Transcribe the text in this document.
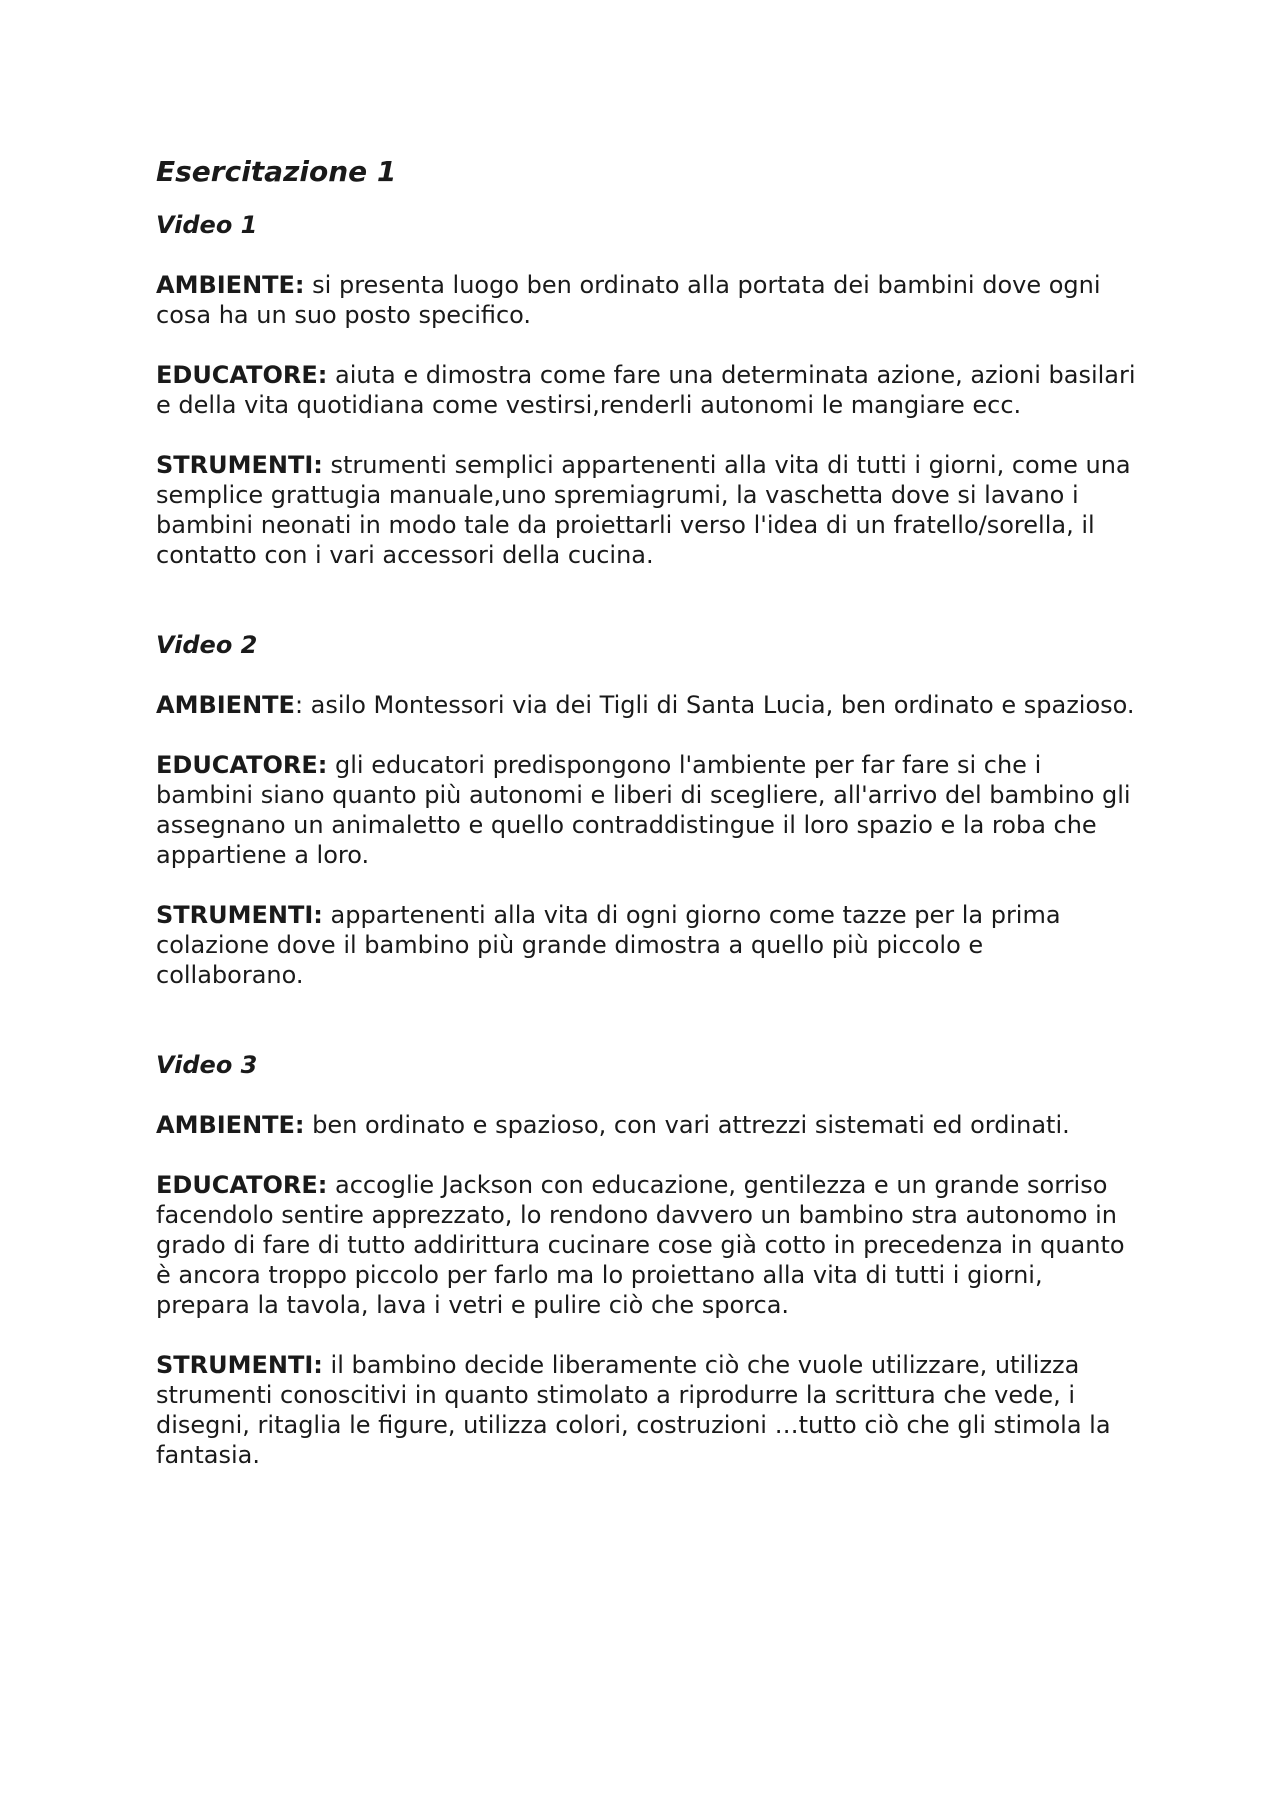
Esercitazione 1
Video 1

AMBIENTE: si presenta luogo ben ordinato alla portata dei bambini dove ogni cosa ha un suo posto specifico.

EDUCATORE: aiuta e dimostra come fare una determinata azione, azioni basilari e della vita quotidiana come vestirsi,renderli autonomi le mangiare ecc.

STRUMENTI: strumenti semplici appartenenti alla vita di tutti i giorni, come una semplice grattugia manuale,uno spremiagrumi, la vaschetta dove si lavano i bambini neonati in modo tale da proiettarli verso l'idea di un fratello/sorella, il contatto con i vari accessori della cucina.

Video 2

AMBIENTE: asilo Montessori via dei Tigli di Santa Lucia, ben ordinato e spazioso.

EDUCATORE: gli educatori predispongono l'ambiente per far fare si che i bambini siano quanto più autonomi e liberi di scegliere, all'arrivo del bambino gli assegnano un animaletto e quello contraddistingue il loro spazio e la roba che appartiene a loro.

STRUMENTI: appartenenti alla vita di ogni giorno come tazze per la prima colazione dove il bambino più grande dimostra a quello più piccolo e collaborano.

Video 3

AMBIENTE: ben ordinato e spazioso, con vari attrezzi sistemati ed ordinati.

EDUCATORE: accoglie Jackson con educazione, gentilezza e un grande sorriso facendolo sentire apprezzato, lo rendono davvero un bambino stra autonomo in grado di fare di tutto addirittura cucinare cose già cotto in precedenza in quanto è ancora troppo piccolo per farlo ma lo proiettano alla vita di tutti i giorni, prepara la tavola, lava i vetri e pulire ciò che sporca.

STRUMENTI: il bambino decide liberamente ciò che vuole utilizzare, utilizza strumenti conoscitivi in quanto stimolato a riprodurre la scrittura che vede, i disegni, ritaglia le figure, utilizza colori, costruzioni …tutto ciò che gli stimola la fantasia.
